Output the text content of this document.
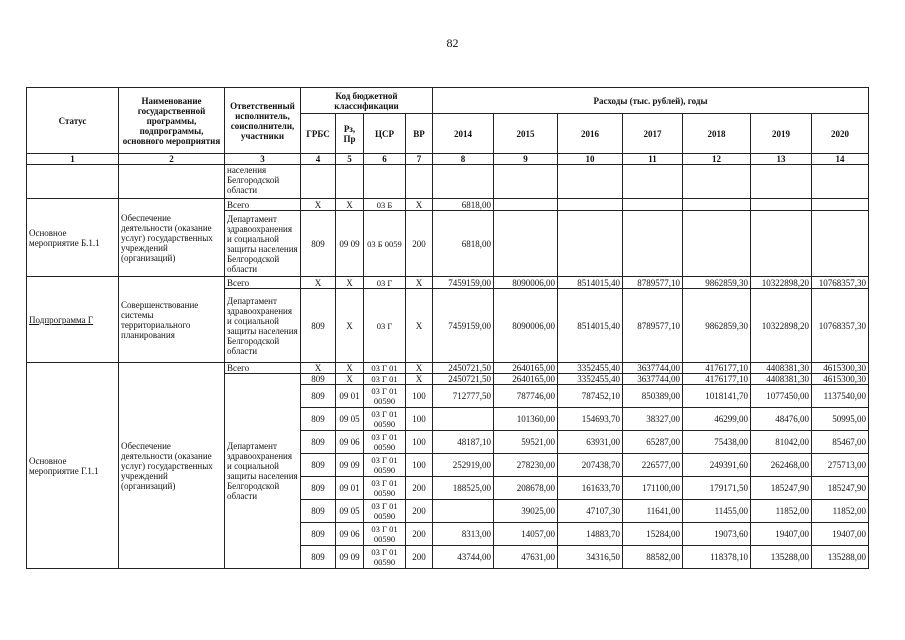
82
Статус	Наименование государственной программы, подпрограммы, основного мероприятия	Ответственный исполнитель, соисполнители, участники	Код бюджетной классификации				Расходы (тыс. рублей), годы						
			ГРБС	Рз, Пр	ЦСР	ВР	2014	2015	2016	2017	2018	2019	2020
1	2	3	4	5	6	7	8	9	10	11	12	13	14
		населения Белгородской области											
Основное мероприятие Б.1.1	Обеспечение деятельности (оказание услуг) государственных учреждений (организаций)	Всего	Х	Х	03 Б	Х	6818,00						
		Департамент здравоохранения и социальной защиты населения Белгородской области	809	09 09	03 Б 0059	200	6818,00						
Подпрограмма Г	Совершенствование системы территориального планирования	Всего	Х	Х	03 Г	Х	7459159,00	8090006,00	8514015,40	8789577,10	9862859,30	10322898,20	10768357,30
		Департамент здравоохранения и социальной защиты населения Белгородской области	809	Х	03 Г	Х	7459159,00	8090006,00	8514015,40	8789577,10	9862859,30	10322898,20	10768357,30
Основное мероприятие Г.1.1	Обеспечение деятельности (оказание услуг) государственных учреждений (организаций)	Всего	Х	Х	03 Г 01	Х	2450721,50	2640165,00	3352455,40	3637744,00	4176177,10	4408381,30	4615300,30
		Департамент здравоохранения и социальной защиты населения Белгородской области	809	Х	03 Г 01	Х	2450721,50	2640165,00	3352455,40	3637744,00	4176177,10	4408381,30	4615300,30
			809	09 01	03 Г 01 00590	100	712777,50	787746,00	787452,10	850389,00	1018141,70	1077450,00	1137540,00
			809	09 05	03 Г 01 00590	100		101360,00	154693,70	38327,00	46299,00	48476,00	50995,00
			809	09 06	03 Г 01 00590	100	48187,10	59521,00	63931,00	65287,00	75438,00	81042,00	85467,00
			809	09 09	03 Г 01 00590	100	252919,00	278230,00	207438,70	226577,00	249391,60	262468,00	275713,00
			809	09 01	03 Г 01 00590	200	188525,00	208678,00	161633,70	171100,00	179171,50	185247,90	185247,90
			809	09 05	03 Г 01 00590	200		39025,00	47107,30	11641,00	11455,00	11852,00	11852,00
			809	09 06	03 Г 01 00590	200	8313,00	14057,00	14883,70	15284,00	19073,60	19407,00	19407,00
			809	09 09	03 Г 01 00590	200	43744,00	47631,00	34316,50	88582,00	118378,10	135288,00	135288,00
